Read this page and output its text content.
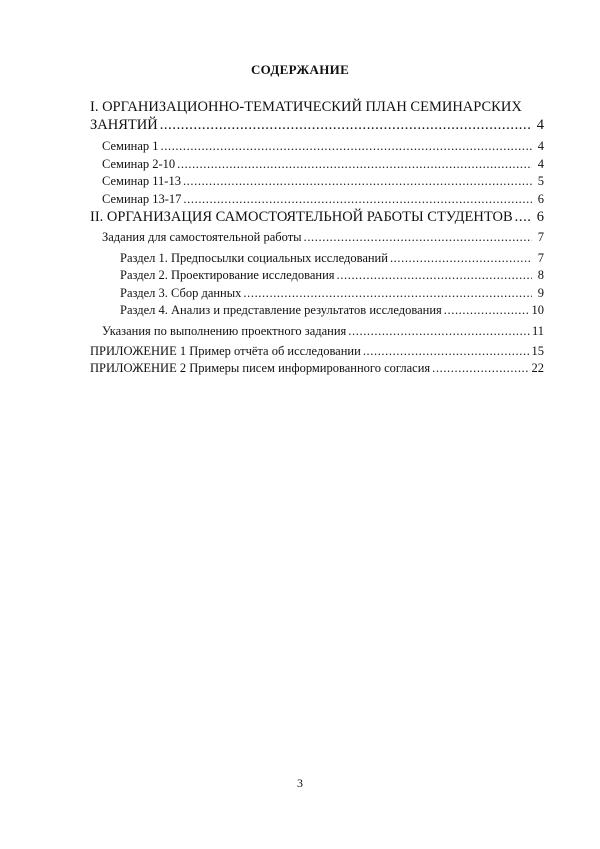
СОДЕРЖАНИЕ
I. ОРГАНИЗАЦИОННО-ТЕМАТИЧЕСКИЙ ПЛАН СЕМИНАРСКИХ
ЗАНЯТИЙ .....	4
Семинар 1 .....	4
Семинар 2-10 .....	4
Семинар 11-13 .....	5
Семинар 13-17 .....	6
II. ОРГАНИЗАЦИЯ САМОСТОЯТЕЛЬНОЙ РАБОТЫ СТУДЕНТОВ ..... 6
Задания для самостоятельной работы .....	7
Раздел 1. Предпосылки социальных исследований .....	7
Раздел 2. Проектирование исследования .....	8
Раздел 3. Сбор данных .....	9
Раздел 4. Анализ и представление результатов исследования .....	10
Указания по выполнению проектного задания .....	11
ПРИЛОЖЕНИЕ 1 Пример отчёта об исследовании .....	15
ПРИЛОЖЕНИЕ 2 Примеры писем информированного согласия .....	22
3
